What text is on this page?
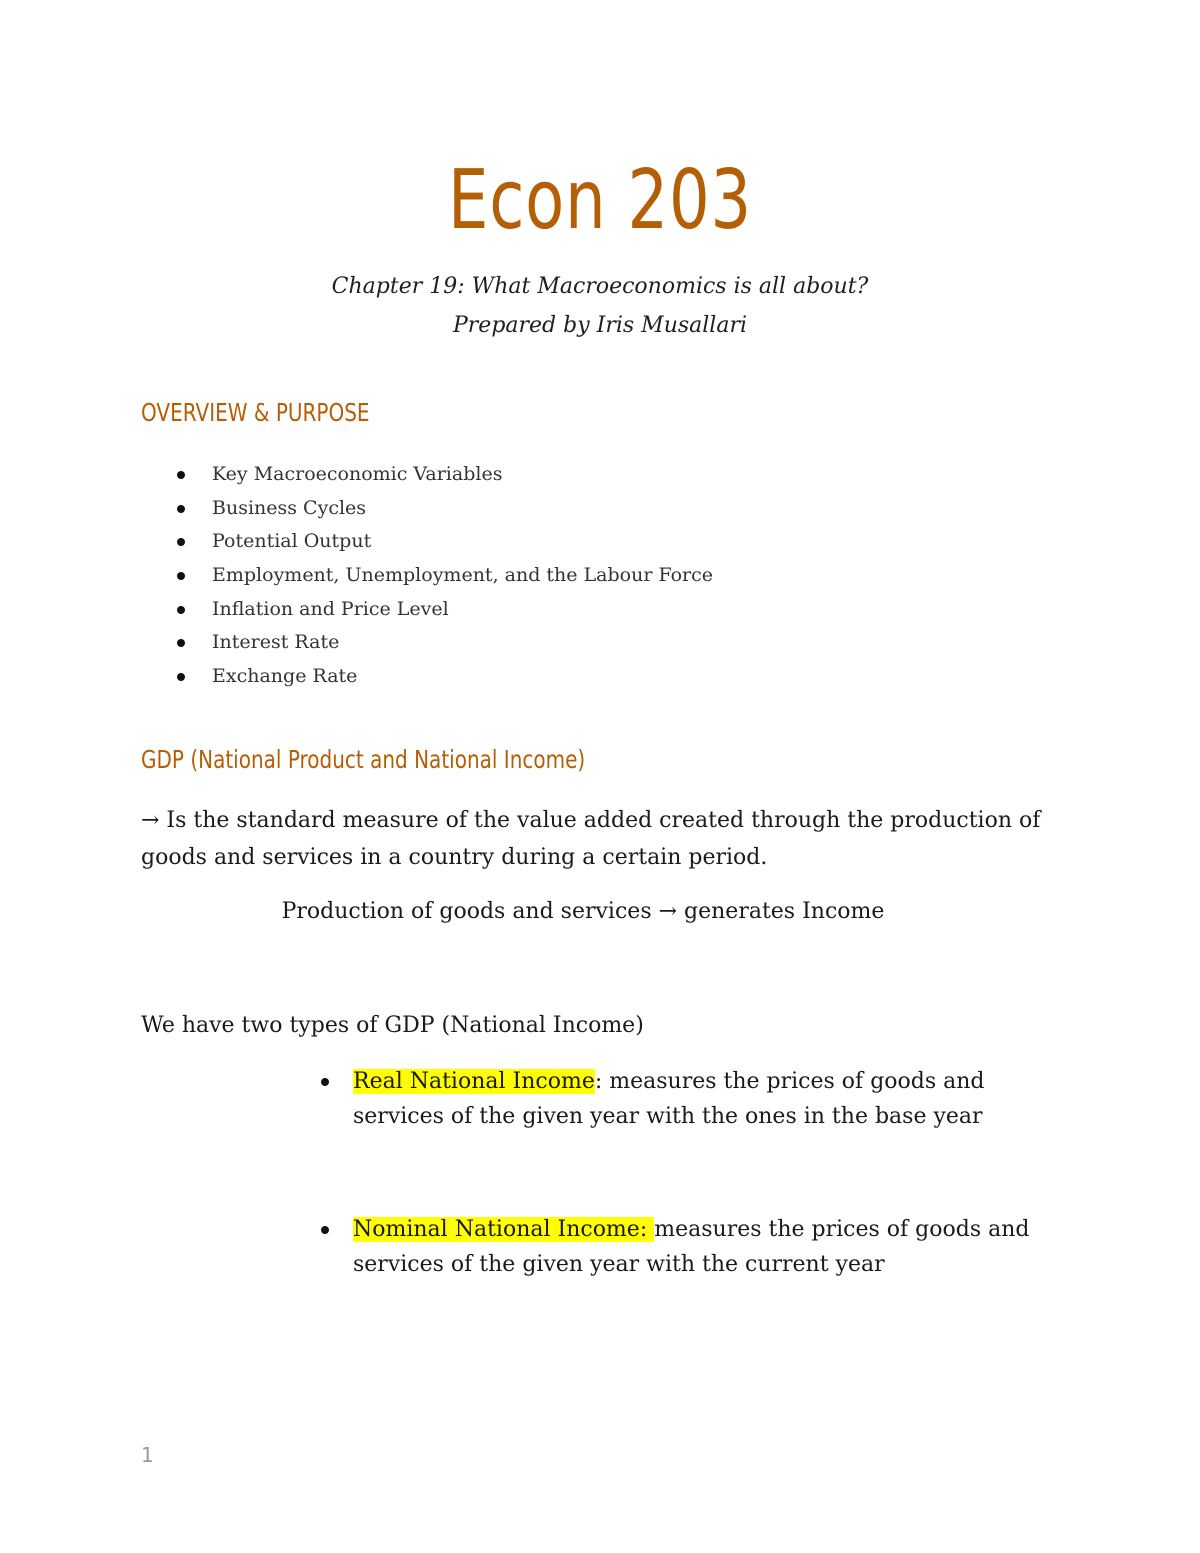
Econ 203
Chapter 19: What Macroeconomics is all about?
Prepared by Iris Musallari
OVERVIEW & PURPOSE
Key Macroeconomic Variables
Business Cycles
Potential Output
Employment, Unemployment, and the Labour Force
Inflation and Price Level
Interest Rate
Exchange Rate
GDP (National Product and National Income)
→ Is the standard measure of the value added created through the production of goods and services in a country during a certain period.
Production of goods and services → generates Income
We have two types of GDP (National Income)
Real National Income: measures the prices of goods and services of the given year with the ones in the base year
Nominal National Income: measures the prices of goods and services of the given year with the current year
1
